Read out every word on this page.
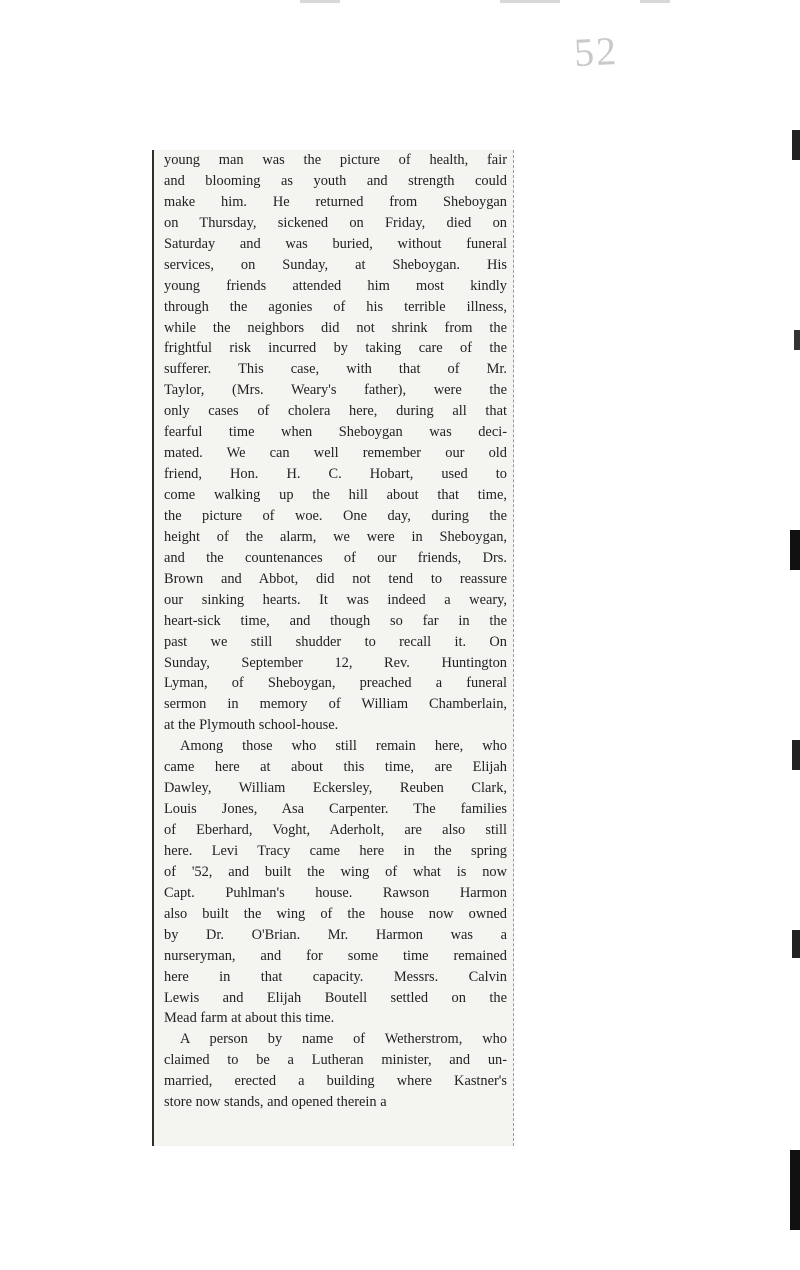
52

young man was the picture of health, fair
and blooming as youth and strength could
make him. He returned from Sheboygan
on Thursday, sickened on Friday, died on
Saturday and was buried, without funeral
services, on Sunday, at Sheboygan. His
young friends attended him most kindly
through the agonies of his terrible illness,
while the neighbors did not shrink from the
frightful risk incurred by taking care of the
sufferer. This case, with that of Mr.
Taylor, (Mrs. Weary's father), were the
only cases of cholera here, during all that
fearful time when Sheboygan was deci-
mated. We can well remember our old
friend, Hon. H. C. Hobart, used to
come walking up the hill about that time,
the picture of woe. One day, during the
height of the alarm, we were in Sheboygan,
and the countenances of our friends, Drs.
Brown and Abbot, did not tend to reassure
our sinking hearts. It was indeed a weary,
heart-sick time, and though so far in the
past we still shudder to recall it. On
Sunday, September 12, Rev. Huntington
Lyman, of Sheboygan, preached a funeral
sermon in memory of William Chamberlain,
at the Plymouth school-house.

Among those who still remain here, who
came here at about this time, are Elijah
Dawley, William Eckersley, Reuben Clark,
Louis Jones, Asa Carpenter. The families
of Eberhard, Voght, Aderholt, are also still
here. Levi Tracy came here in the spring
of '52, and built the wing of what is now
Capt. Puhlman's house. Rawson Harmon
also built the wing of the house now owned
by Dr. O'Brian. Mr. Harmon was a
nurseryman, and for some time remained
here in that capacity. Messrs. Calvin
Lewis and Elijah Boutell settled on the
Mead farm at about this time.

A person by name of Wetherstrom, who
claimed to be a Lutheran minister, and un-
married, erected a building where Kastner's
store now stands, and opened therein a
